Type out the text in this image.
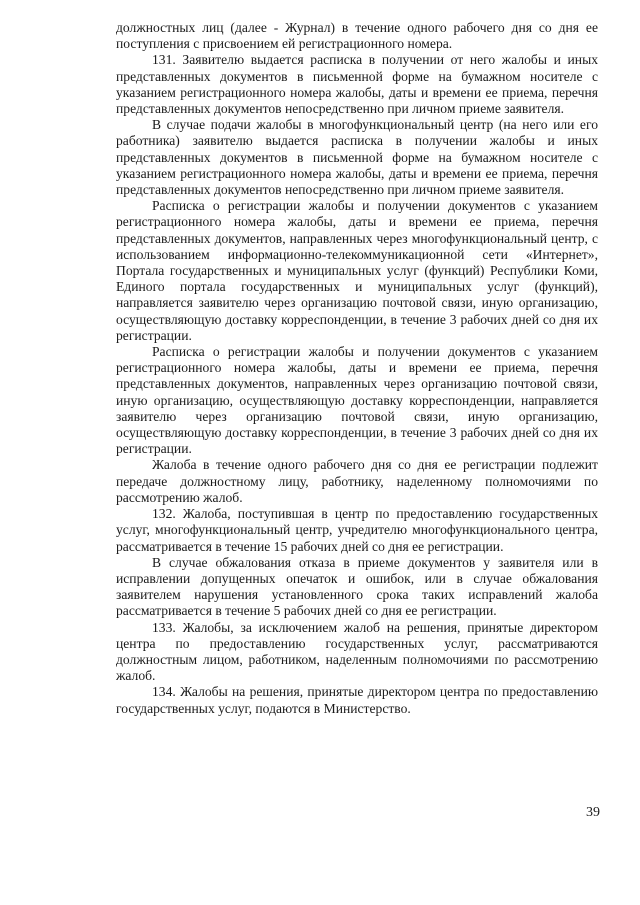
должностных лиц (далее - Журнал) в течение одного рабочего дня со дня ее поступления с присвоением ей регистрационного номера.

131. Заявителю выдается расписка в получении от него жалобы и иных представленных документов в письменной форме на бумажном носителе с указанием регистрационного номера жалобы, даты и времени ее приема, перечня представленных документов непосредственно при личном приеме заявителя.

В случае подачи жалобы в многофункциональный центр (на него или его работника) заявителю выдается расписка в получении жалобы и иных представленных документов в письменной форме на бумажном носителе с указанием регистрационного номера жалобы, даты и времени ее приема, перечня представленных документов непосредственно при личном приеме заявителя.

Расписка о регистрации жалобы и получении документов с указанием регистрационного номера жалобы, даты и времени ее приема, перечня представленных документов, направленных через многофункциональный центр, с использованием информационно-телекоммуникационной сети «Интернет», Портала государственных и муниципальных услуг (функций) Республики Коми, Единого портала государственных и муниципальных услуг (функций), направляется заявителю через организацию почтовой связи, иную организацию, осуществляющую доставку корреспонденции, в течение 3 рабочих дней со дня их регистрации.

Расписка о регистрации жалобы и получении документов с указанием регистрационного номера жалобы, даты и времени ее приема, перечня представленных документов, направленных через организацию почтовой связи, иную организацию, осуществляющую доставку корреспонденции, направляется заявителю через организацию почтовой связи, иную организацию, осуществляющую доставку корреспонденции, в течение 3 рабочих дней со дня их регистрации.

Жалоба в течение одного рабочего дня со дня ее регистрации подлежит передаче должностному лицу, работнику, наделенному полномочиями по рассмотрению жалоб.

132. Жалоба, поступившая в центр по предоставлению государственных услуг, многофункциональный центр, учредителю многофункционального центра, рассматривается в течение 15 рабочих дней со дня ее регистрации.

В случае обжалования отказа в приеме документов у заявителя или в исправлении допущенных опечаток и ошибок, или в случае обжалования заявителем нарушения установленного срока таких исправлений жалоба рассматривается в течение 5 рабочих дней со дня ее регистрации.

133. Жалобы, за исключением жалоб на решения, принятые директором центра по предоставлению государственных услуг, рассматриваются должностным лицом, работником, наделенным полномочиями по рассмотрению жалоб.

134. Жалобы на решения, принятые директором центра по предоставлению государственных услуг, подаются в Министерство.

39
